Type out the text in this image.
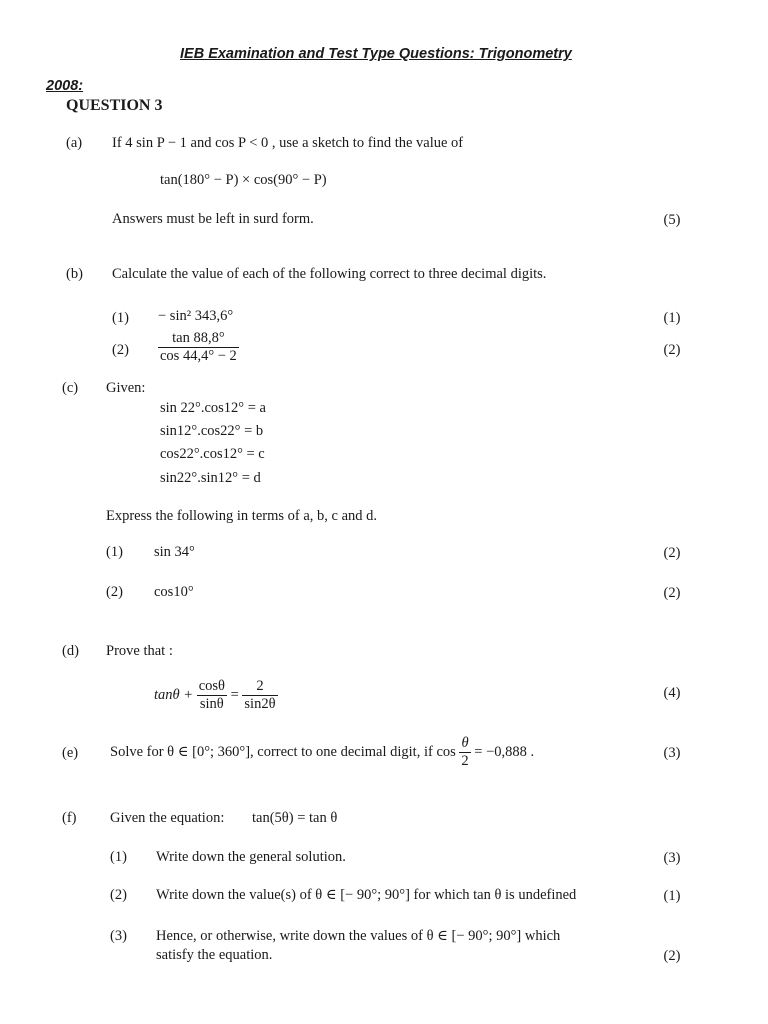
IEB Examination and Test Type Questions: Trigonometry
2008:
QUESTION 3
(a) If 4 sin P − 1 and cos P < 0 , use a sketch to find the value of
tan(180° − P) × cos(90° − P)
Answers must be left in surd form.	(5)
(b) Calculate the value of each of the following correct to three decimal digits.
(1) − sin² 343,6°	(1)
$(2) \frac{\tan 88,8^\circ}{\cos 44,4^\circ - 2}$	(2)
(c) Given:
sin 22°.cos12° = a
sin12°.cos22° = b
cos22°.cos12° = c
sin22°.sin12° = d
Express the following in terms of a, b, c and d.
(1) sin 34°	(2)
(2) cos10°	(2)
(d) Prove that :
$\tan\theta + \frac{\cos\theta}{\sin\theta} = \frac{2}{\sin 2\theta}$	(4)
(e) Solve for θ ∈ [0°; 360°], correct to one decimal digit, if $\cos \frac{\theta}{2} = -0,888$ .	(3)
(f) Given the equation: tan(5θ) = tan θ
(1) Write down the general solution.	(3)
(2) Write down the value(s) of θ ∈ [− 90°; 90°] for which tan θ is undefined	(1)
(3) Hence, or otherwise, write down the values of θ ∈ [− 90°; 90°] which
satisfy the equation.	(2)
